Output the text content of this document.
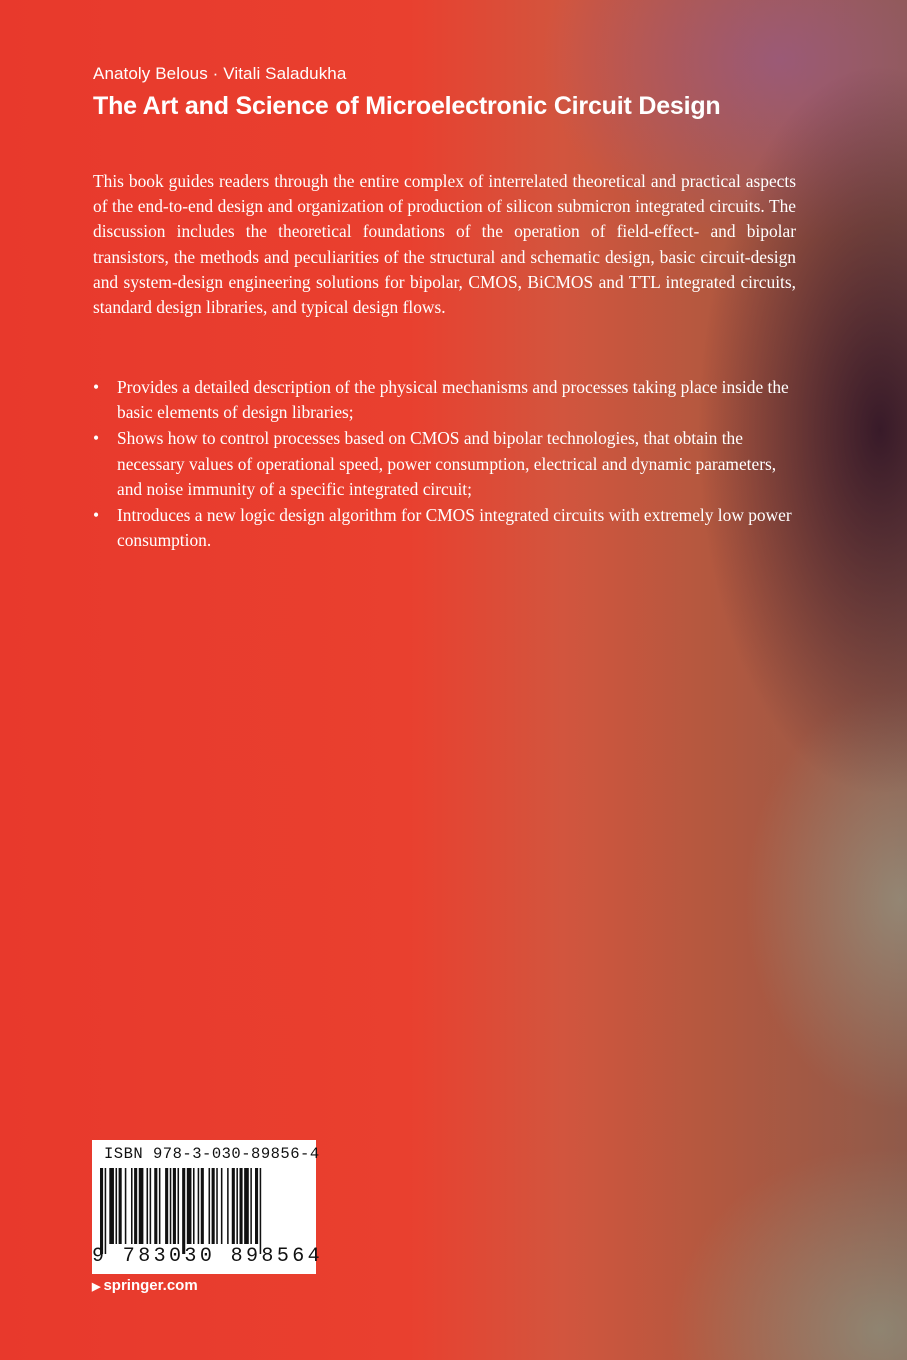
Anatoly Belous · Vitali Saladukha
The Art and Science of Microelectronic Circuit Design

This book guides readers through the entire complex of interrelated theoretical and practical aspects of the end-to-end design and organization of production of silicon submicron integrated circuits. The discussion includes the theoretical foundations of the operation of field-effect- and bipolar transistors, the methods and peculiarities of the structural and schematic design, basic circuit-design and system-design engineering solutions for bipolar, CMOS, BiCMOS and TTL integrated circuits, standard design libraries, and typical design flows.

• Provides a detailed description of the physical mechanisms and processes taking place inside the basic elements of design libraries;
• Shows how to control processes based on CMOS and bipolar technologies, that obtain the necessary values of operational speed, power consumption, electrical and dynamic parameters, and noise immunity of a specific integrated circuit;
• Introduces a new logic design algorithm for CMOS integrated circuits with extremely low power consumption.
ISBN 978-3-030-89856-4
9 783030 898564
▶ springer.com
